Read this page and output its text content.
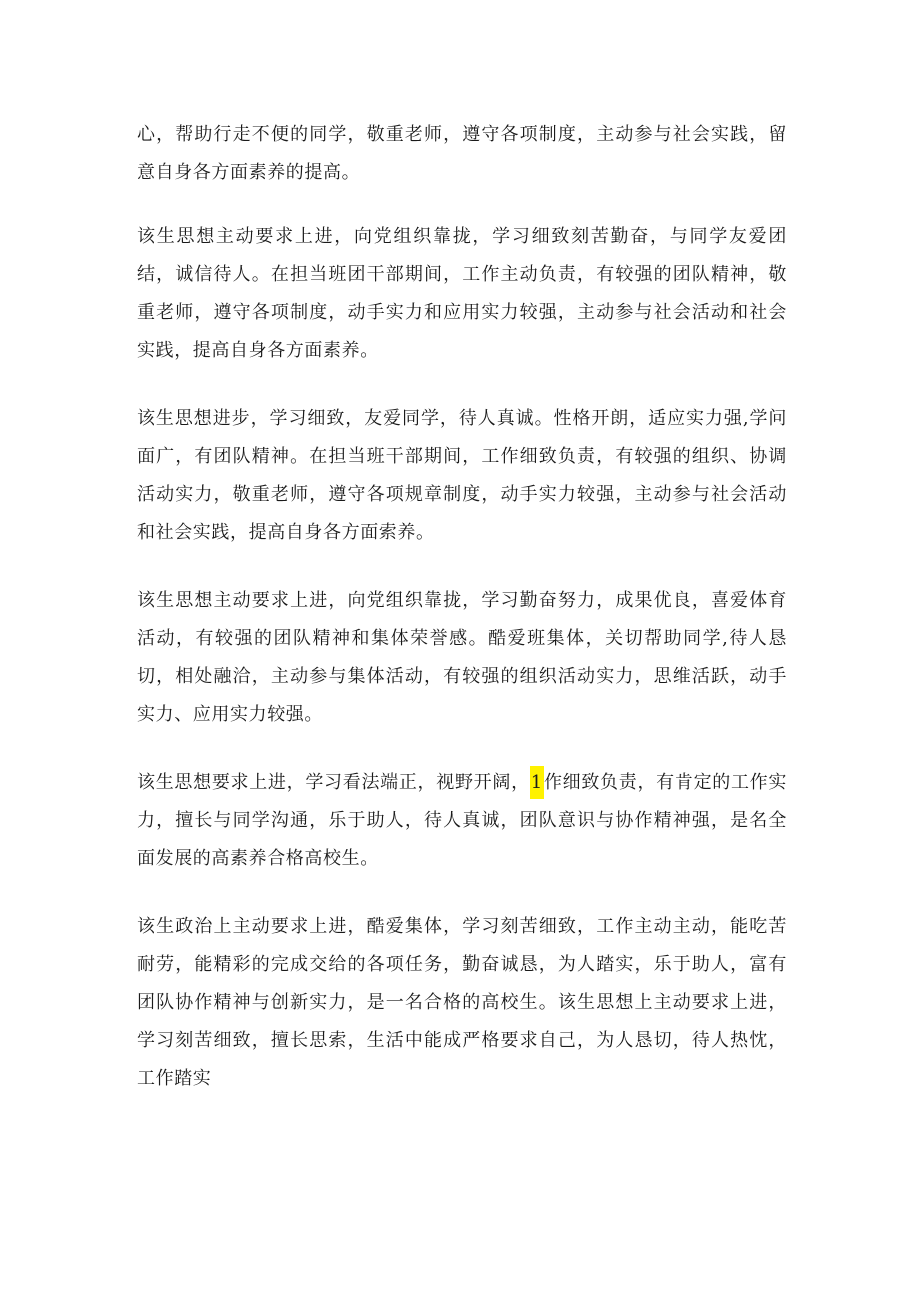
心，帮助行走不便的同学，敬重老师，遵守各项制度，主动参与社会实践，留意自身各方面素养的提高。

该生思想主动要求上进，向党组织靠拢，学习细致刻苦勤奋，与同学友爱团结，诚信待人。在担当班团干部期间，工作主动负责，有较强的团队精神，敬重老师，遵守各项制度，动手实力和应用实力较强，主动参与社会活动和社会实践，提高自身各方面素养。

该生思想进步，学习细致，友爱同学，待人真诚。性格开朗，适应实力强,学问面广，有团队精神。在担当班干部期间，工作细致负责，有较强的组织、协调活动实力，敬重老师，遵守各项规章制度，动手实力较强，主动参与社会活动和社会实践，提高自身各方面索养。

该生思想主动要求上进，向党组织靠拢，学习勤奋努力，成果优良，喜爱体育活动，有较强的团队精神和集体荣誉感。酷爱班集体，关切帮助同学,待人恳切，相处融洽，主动参与集体活动，有较强的组织活动实力，思维活跃，动手实力、应用实力较强。

该生思想要求上进，学习看法端正，视野开阔，1作细致负责，有肯定的工作实力，擅长与同学沟通，乐于助人，待人真诚，团队意识与协作精神强，是名全面发展的高素养合格高校生。

该生政治上主动要求上进，酷爱集体，学习刻苦细致，工作主动主动，能吃苦耐劳，能精彩的完成交给的各项任务，勤奋诚恳，为人踏实，乐于助人，富有团队协作精神与创新实力，是一名合格的高校生。该生思想上主动要求上进，学习刻苦细致，擅长思索，生活中能成严格要求自己，为人恳切，待人热忱，工作踏实
